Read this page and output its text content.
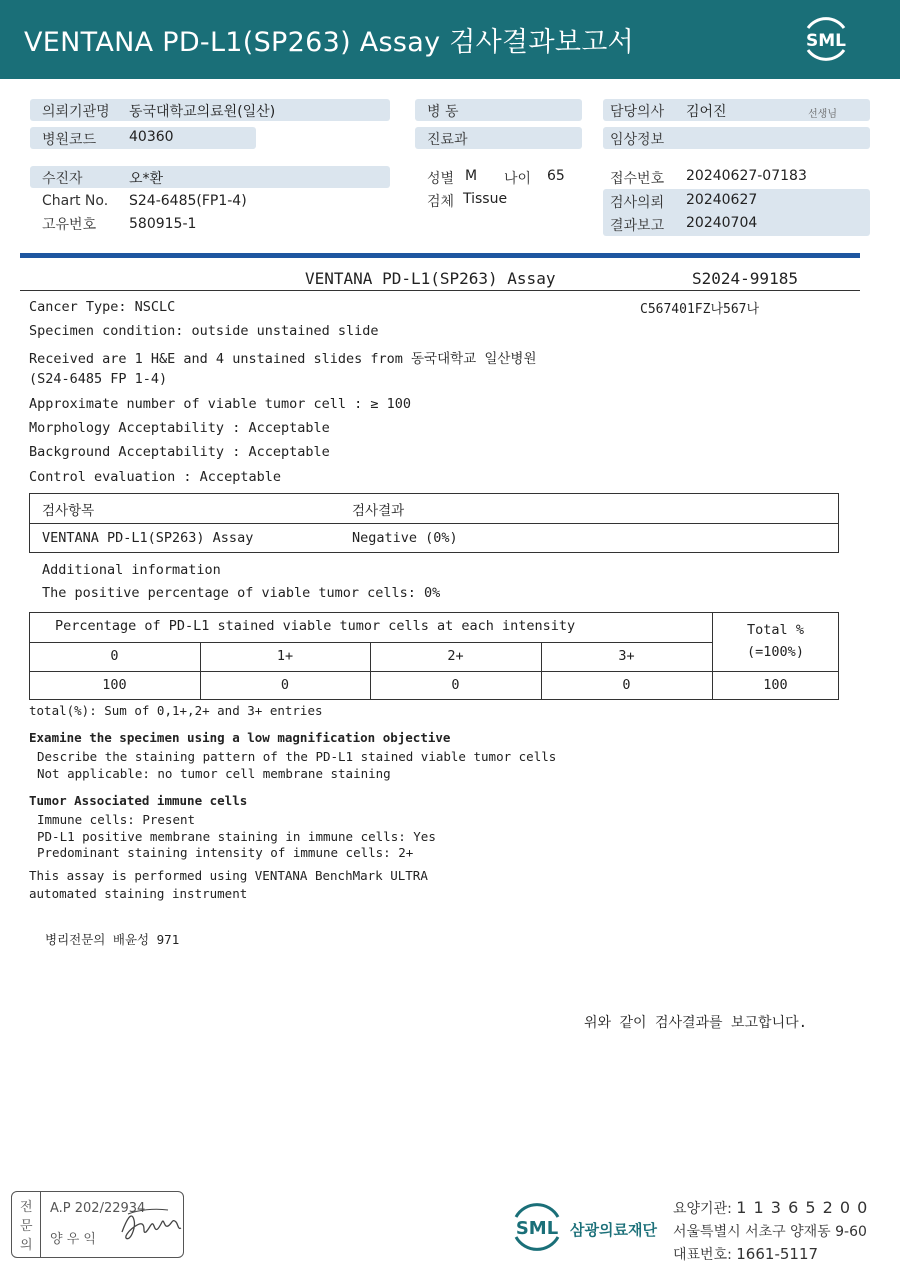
VENTANA PD-L1(SP263) Assay 검사결과보고서	SML
의뢰기관명 동국대학교의료원(일산)
병원코드 40360
병 동
진료과
담당의사 김어진	선생님
임상정보
수진자	오*환
Chart No. S24-6485(FP1-4)
고유번호 580915-1
성별 M 나이 65
검체 Tissue
접수번호 20240627-07183
검사의뢰 20240627
결과보고 20240704
VENTANA PD-L1(SP263) Assay	S2024-99185
C567401FZ나567나
Cancer Type: NSCLC
Specimen condition: outside unstained slide
Received are 1 H&E and 4 unstained slides from 동국대학교 일산병원
(S24-6485 FP 1-4)
Approximate number of viable tumor cell : ≥ 100
Morphology Acceptability : Acceptable
Background Acceptability : Acceptable
Control evaluation : Acceptable
검사항목	검사결과
VENTANA PD-L1(SP263) Assay	Negative (0%)
Additional information
The positive percentage of viable tumor cells: 0%
Percentage of PD-L1 stained viable tumor cells at each intensity	Total %
(=100%)
0	1+	2+	3+
100	0	0	0	100
total(%): Sum of 0,1+,2+ and 3+ entries
Examine the specimen using a low magnification objective
Describe the staining pattern of the PD-L1 stained viable tumor cells
Not applicable: no tumor cell membrane staining
Tumor Associated immune cells
Immune cells: Present
PD-L1 positive membrane staining in immune cells: Yes
Predominant staining intensity of immune cells: 2+
This assay is performed using VENTANA BenchMark ULTRA
automated staining instrument
병리전문의 배윤성 971
위와 같이 검사결과를 보고합니다.
전
문
의
A.P 202/22934
양 우 익
SML 삼광의료재단
요양기관: 1 1 3 6 5 2 0 0
서울특별시 서초구 양재동 9-60
대표번호: 1661-5117
